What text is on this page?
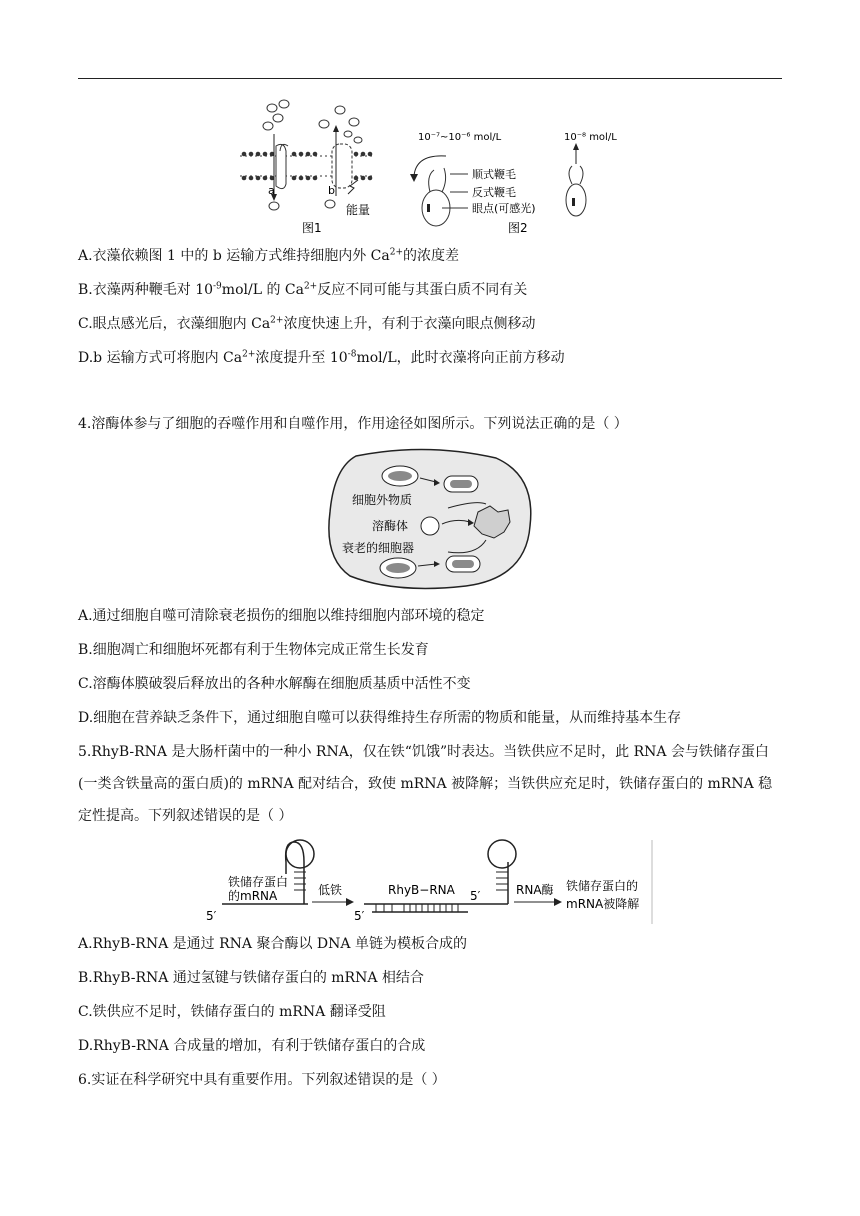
a	b
能量
图1
10⁻⁷~10⁻⁶ mol/L	10⁻⁸ mol/L
顺式鞭毛
反式鞭毛
眼点(可感光)
图2
A.衣藻依赖图 1 中的 b 运输方式维持细胞内外 $Ca^{2+}$的浓度差
B.衣藻两种鞭毛对 $10^{-9}mol/L$ 的 $Ca^{2+}$反应不同可能与其蛋白质不同有关
C.眼点感光后，衣藻细胞内 $Ca^{2+}$浓度快速上升，有利于衣藻向眼点侧移动
D.b 运输方式可将胞内 $Ca^{2+}$浓度提升至 $10^{-8}mol/L$，此时衣藻将向正前方移动
4.溶酶体参与了细胞的吞噬作用和自噬作用，作用途径如图所示。下列说法正确的是（ ）
细胞外物质
溶酶体
衰老的细胞器
A.通过细胞自噬可清除衰老损伤的细胞以维持细胞内部环境的稳定
B.细胞凋亡和细胞坏死都有利于生物体完成正常生长发育
C.溶酶体膜破裂后释放出的各种水解酶在细胞质基质中活性不变
D.细胞在营养缺乏条件下，通过细胞自噬可以获得维持生存所需的物质和能量，从而维持基本生存
5.RhyB-RNA 是大肠杆菌中的一种小 RNA，仅在铁“饥饿”时表达。当铁供应不足时，此 RNA 会与铁储存蛋白(一类含铁量高的蛋白质)的 mRNA 配对结合，致使 mRNA 被降解；当铁供应充足时，铁储存蛋白的 mRNA 稳定性提高。下列叙述错误的是（ ）
铁储存蛋白
的mRNA
5′
低铁	RhyB−RNA
5′
5′	RNA酶 铁储存蛋白的
mRNA被降解
A.RhyB-RNA 是通过 RNA 聚合酶以 DNA 单链为模板合成的
B.RhyB-RNA 通过氢键与铁储存蛋白的 mRNA 相结合
C.铁供应不足时，铁储存蛋白的 mRNA 翻译受阻
D.RhyB-RNA 合成量的增加，有利于铁储存蛋白的合成
6.实证在科学研究中具有重要作用。下列叙述错误的是（ ）
